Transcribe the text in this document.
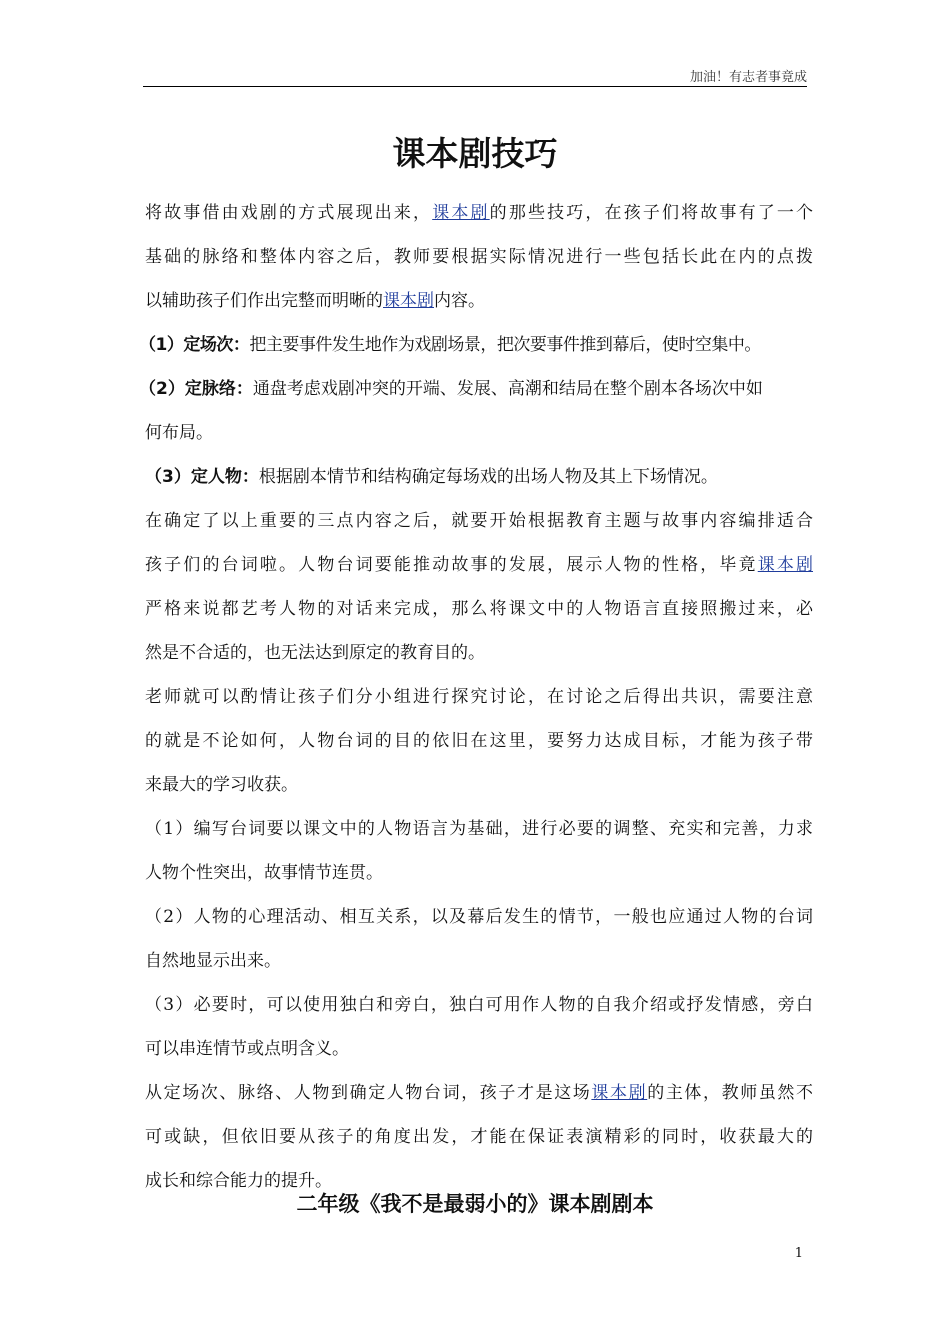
加油！有志者事竟成
课本剧技巧
将故事借由戏剧的方式展现出来，课本剧的那些技巧，在孩子们将故事有了一个
基础的脉络和整体内容之后，教师要根据实际情况进行一些包括长此在内的点拨
以辅助孩子们作出完整而明晰的课本剧内容。
（1）定场次：把主要事件发生地作为戏剧场景，把次要事件推到幕后，使时空集中。
（2）定脉络：通盘考虑戏剧冲突的开端、发展、高潮和结局在整个剧本各场次中如
何布局。
（3）定人物：根据剧本情节和结构确定每场戏的出场人物及其上下场情况。
在确定了以上重要的三点内容之后，就要开始根据教育主题与故事内容编排适合
孩子们的台词啦。人物台词要能推动故事的发展，展示人物的性格，毕竟课本剧
严格来说都艺考人物的对话来完成，那么将课文中的人物语言直接照搬过来，必
然是不合适的，也无法达到原定的教育目的。
老师就可以酌情让孩子们分小组进行探究讨论，在讨论之后得出共识，需要注意
的就是不论如何，人物台词的目的依旧在这里，要努力达成目标，才能为孩子带
来最大的学习收获。
（1）编写台词要以课文中的人物语言为基础，进行必要的调整、充实和完善，力求
人物个性突出，故事情节连贯。
（2）人物的心理活动、相互关系，以及幕后发生的情节，一般也应通过人物的台词
自然地显示出来。
（3）必要时，可以使用独白和旁白，独白可用作人物的自我介绍或抒发情感，旁白
可以串连情节或点明含义。
从定场次、脉络、人物到确定人物台词，孩子才是这场课本剧的主体，教师虽然不
可或缺，但依旧要从孩子的角度出发，才能在保证表演精彩的同时，收获最大的
成长和综合能力的提升。
二年级《我不是最弱小的》课本剧剧本
1
